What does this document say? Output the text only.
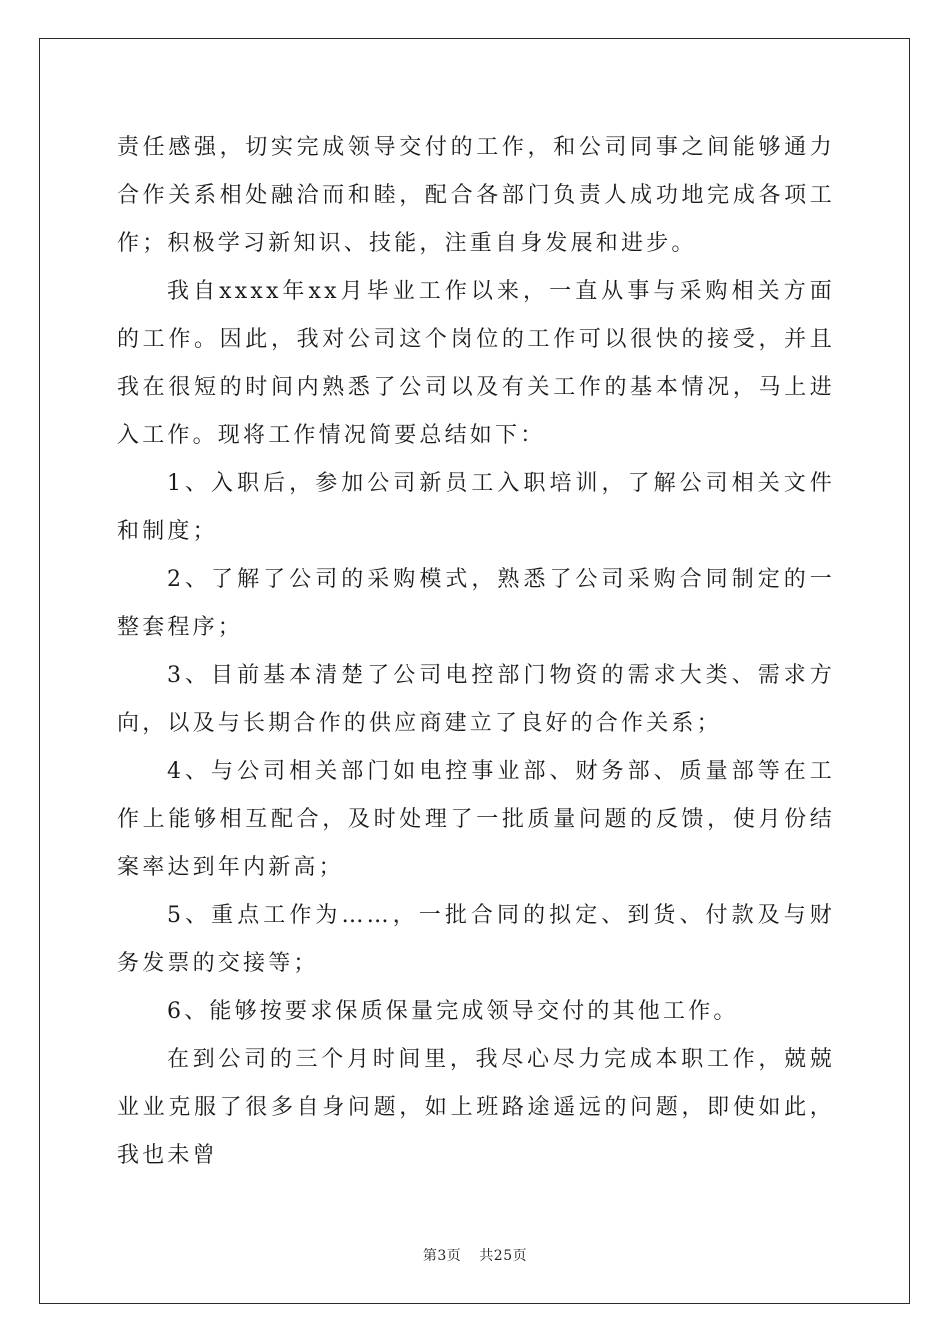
责任感强，切实完成领导交付的工作，和公司同事之间能够通力合作关系相处融洽而和睦，配合各部门负责人成功地完成各项工作；积极学习新知识、技能，注重自身发展和进步。

我自xxxx年xx月毕业工作以来，一直从事与采购相关方面的工作。因此，我对公司这个岗位的工作可以很快的接受，并且我在很短的时间内熟悉了公司以及有关工作的基本情况，马上进入工作。现将工作情况简要总结如下：

1、入职后，参加公司新员工入职培训，了解公司相关文件和制度；

2、了解了公司的采购模式，熟悉了公司采购合同制定的一整套程序；

3、目前基本清楚了公司电控部门物资的需求大类、需求方向，以及与长期合作的供应商建立了良好的合作关系；

4、与公司相关部门如电控事业部、财务部、质量部等在工作上能够相互配合，及时处理了一批质量问题的反馈，使月份结案率达到年内新高；

5、重点工作为……，一批合同的拟定、到货、付款及与财务发票的交接等；

6、能够按要求保质保量完成领导交付的其他工作。

在到公司的三个月时间里，我尽心尽力完成本职工作，兢兢业业克服了很多自身问题，如上班路途遥远的问题，即使如此，我也未曾

第3页 共25页
